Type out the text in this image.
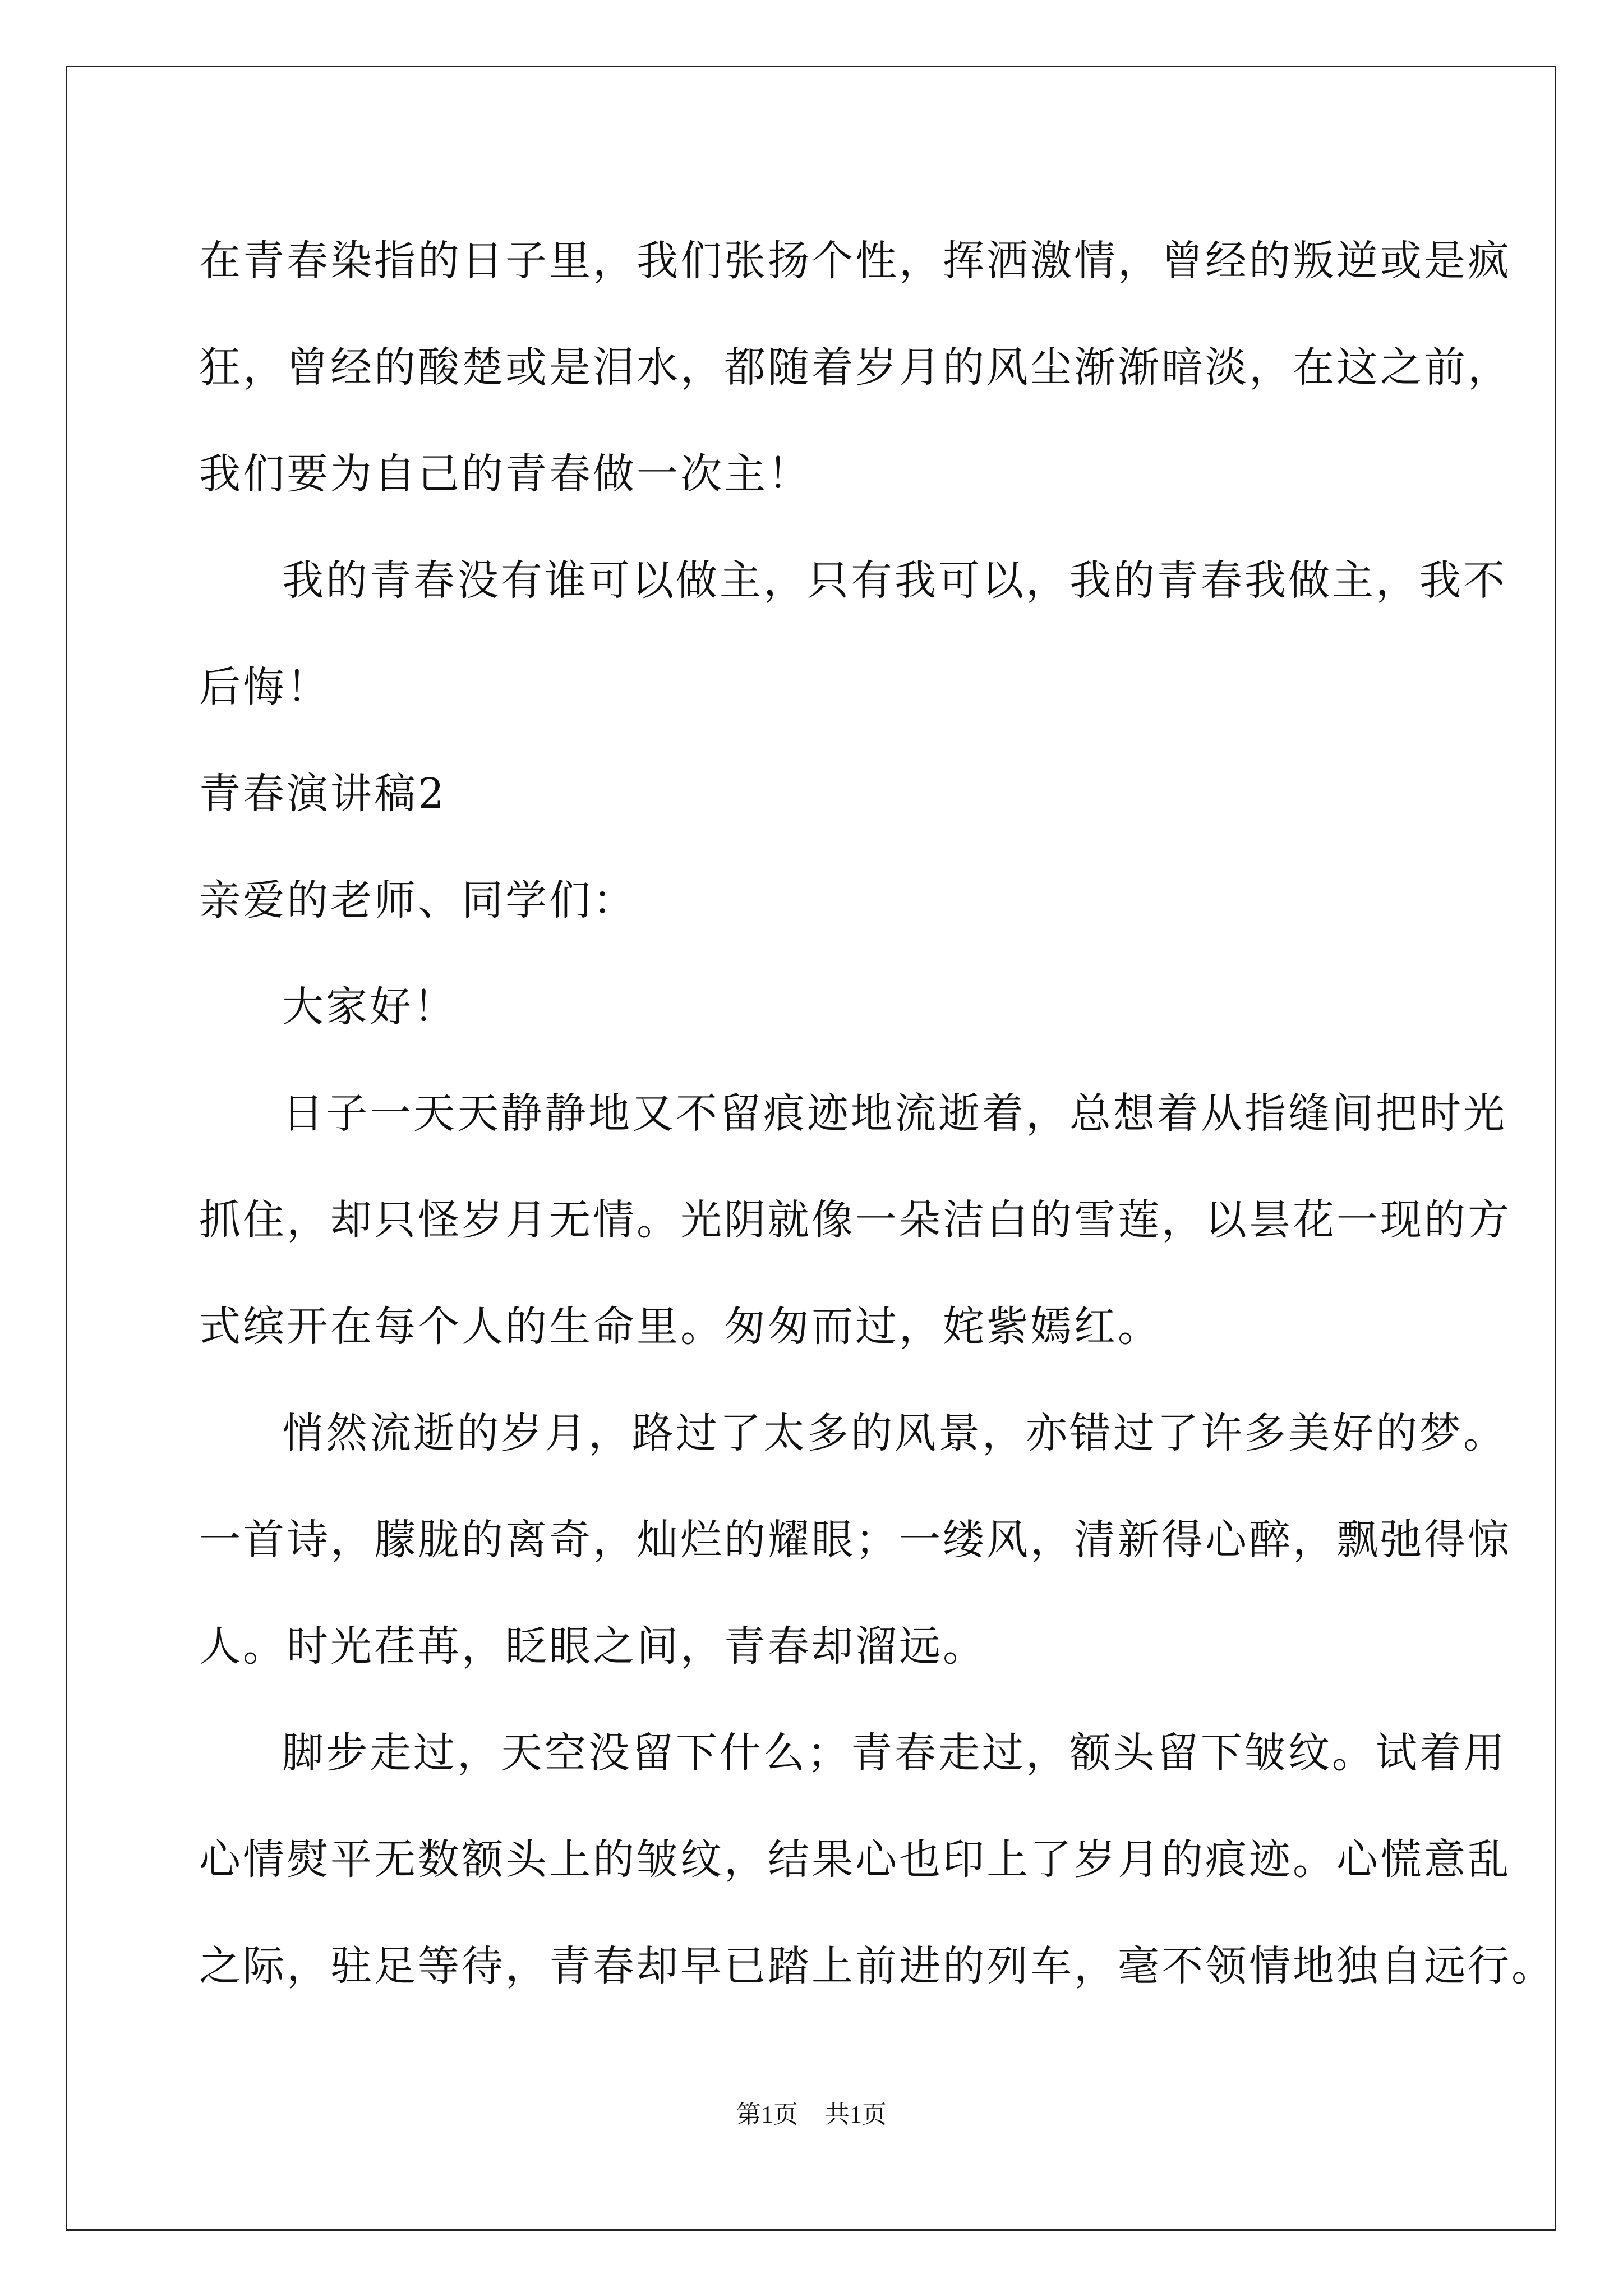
在青春染指的日子里，我们张扬个性，挥洒激情，曾经的叛逆或是疯
狂，曾经的酸楚或是泪水，都随着岁月的风尘渐渐暗淡，在这之前，
我们要为自己的青春做一次主！
我的青春没有谁可以做主，只有我可以，我的青春我做主，我不
后悔！
青春演讲稿2
亲爱的老师、同学们：
大家好！
日子一天天静静地又不留痕迹地流逝着，总想着从指缝间把时光
抓住，却只怪岁月无情。光阴就像一朵洁白的雪莲，以昙花一现的方
式缤开在每个人的生命里。匆匆而过，姹紫嫣红。
悄然流逝的岁月，路过了太多的风景，亦错过了许多美好的梦。
一首诗，朦胧的离奇，灿烂的耀眼；一缕风，清新得心醉，飘弛得惊
人。时光荏苒，眨眼之间，青春却溜远。
脚步走过，天空没留下什么；青春走过，额头留下皱纹。试着用
心情熨平无数额头上的皱纹，结果心也印上了岁月的痕迹。心慌意乱
之际，驻足等待，青春却早已踏上前进的列车，毫不领情地独自远行。
第1页 共1页
